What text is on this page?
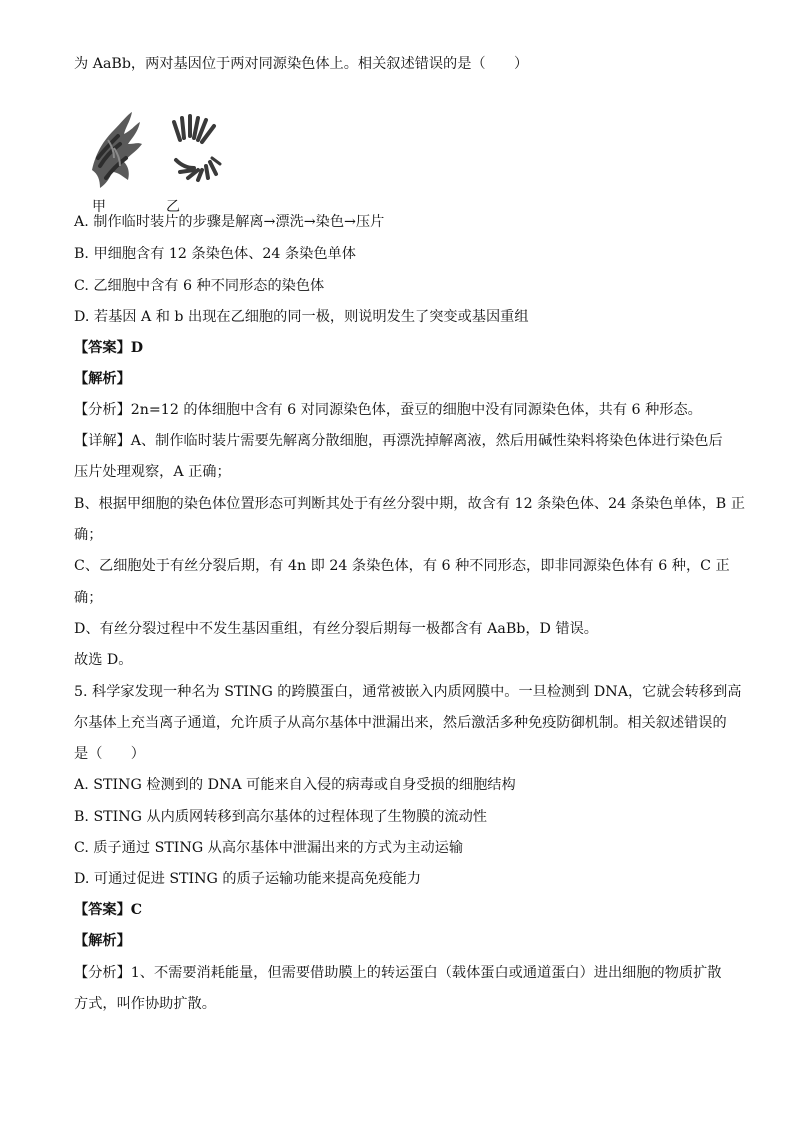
为 AaBb，两对基因位于两对同源染色体上。相关叙述错误的是（　　）
甲	乙
A. 制作临时装片的步骤是解离→漂洗→染色→压片
B. 甲细胞含有 12 条染色体、24 条染色单体
C. 乙细胞中含有 6 种不同形态的染色体
D. 若基因 A 和 b 出现在乙细胞的同一极，则说明发生了突变或基因重组
【答案】D
【解析】
【分析】2n=12 的体细胞中含有 6 对同源染色体，蚕豆的细胞中没有同源染色体，共有 6 种形态。
【详解】A、制作临时装片需要先解离分散细胞，再漂洗掉解离液，然后用碱性染料将染色体进行染色后
压片处理观察，A 正确；
B、根据甲细胞的染色体位置形态可判断其处于有丝分裂中期，故含有 12 条染色体、24 条染色单体，B 正
确；
C、乙细胞处于有丝分裂后期，有 4n 即 24 条染色体，有 6 种不同形态，即非同源染色体有 6 种，C 正
确；
D、有丝分裂过程中不发生基因重组，有丝分裂后期每一极都含有 AaBb，D 错误。
故选 D。
5. 科学家发现一种名为 STING 的跨膜蛋白，通常被嵌入内质网膜中。一旦检测到 DNA，它就会转移到高
尔基体上充当离子通道，允许质子从高尔基体中泄漏出来，然后激活多种免疫防御机制。相关叙述错误的
是（　　）
A. STING 检测到的 DNA 可能来自入侵的病毒或自身受损的细胞结构
B. STING 从内质网转移到高尔基体的过程体现了生物膜的流动性
C. 质子通过 STING 从高尔基体中泄漏出来的方式为主动运输
D. 可通过促进 STING 的质子运输功能来提高免疫能力
【答案】C
【解析】
【分析】1、不需要消耗能量，但需要借助膜上的转运蛋白（载体蛋白或通道蛋白）进出细胞的物质扩散
方式，叫作协助扩散。
